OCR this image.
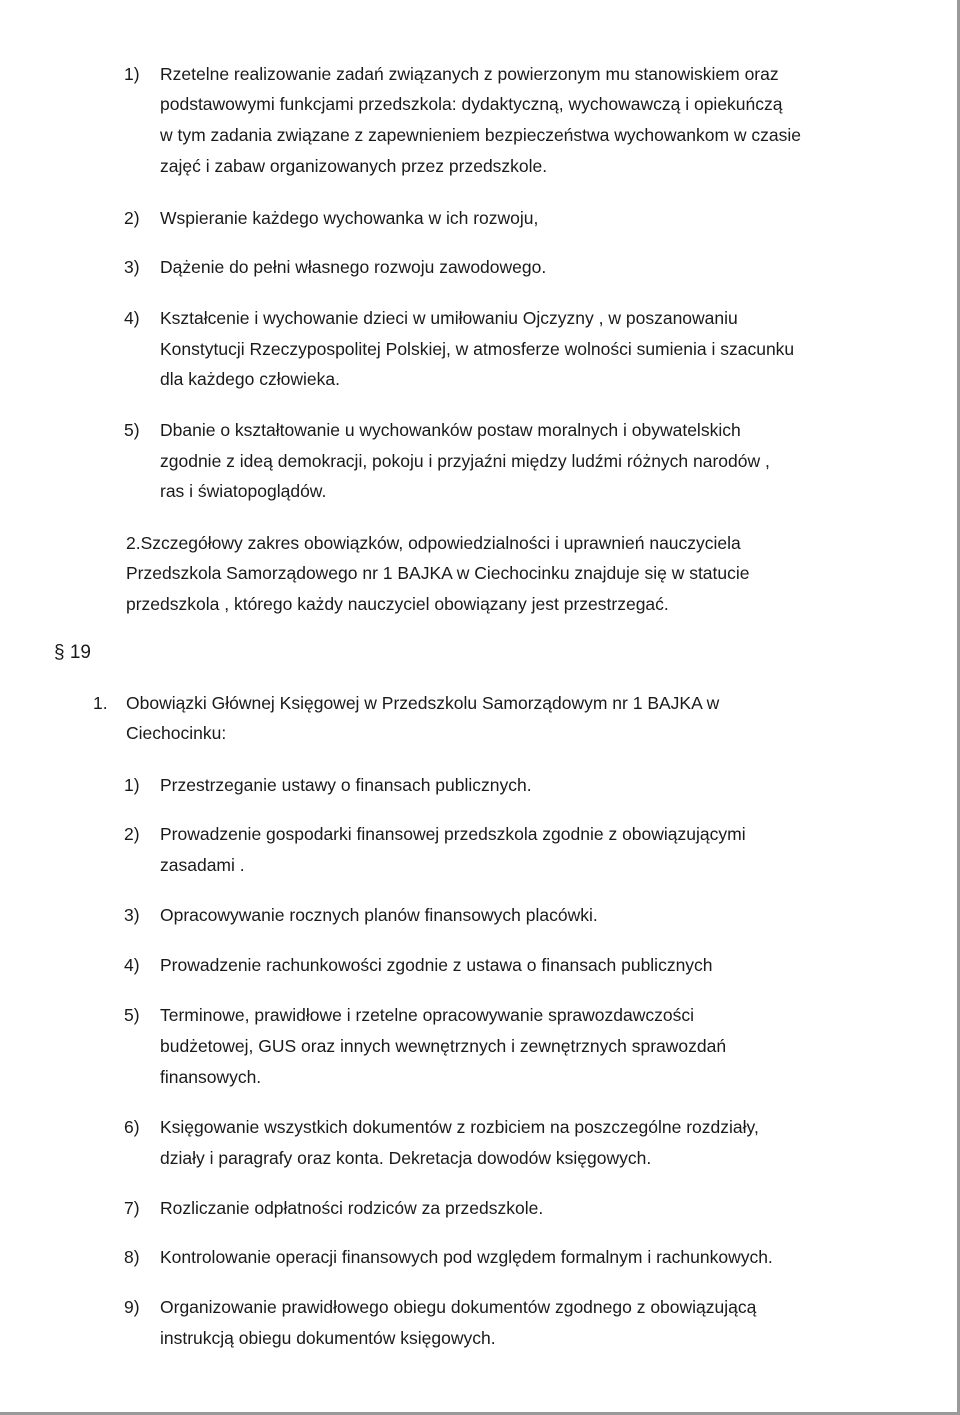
1) Rzetelne realizowanie zadań związanych z powierzonym mu stanowiskiem oraz
podstawowymi funkcjami przedszkola: dydaktyczną, wychowawczą i opiekuńczą
w tym zadania związane z zapewnieniem bezpieczeństwa wychowankom w czasie
zajęć i zabaw organizowanych przez przedszkole.
2) Wspieranie każdego wychowanka w ich rozwoju,
3) Dążenie do pełni własnego rozwoju zawodowego.
4) Kształcenie i wychowanie dzieci w umiłowaniu Ojczyzny , w poszanowaniu
Konstytucji Rzeczypospolitej Polskiej, w atmosferze wolności sumienia i szacunku
dla każdego człowieka.
5) Dbanie o kształtowanie u wychowanków postaw moralnych i obywatelskich
zgodnie z ideą demokracji, pokoju i przyjaźni między ludźmi różnych narodów ,
ras i światopoglądów.
2.Szczegółowy zakres obowiązków, odpowiedzialności i uprawnień nauczyciela
Przedszkola Samorządowego nr 1 BAJKA w Ciechocinku znajduje się w statucie
przedszkola , którego każdy nauczyciel obowiązany jest przestrzegać.
§ 19
1. Obowiązki Głównej Księgowej w Przedszkolu Samorządowym nr 1 BAJKA w
Ciechocinku:
1) Przestrzeganie ustawy o finansach publicznych.
2) Prowadzenie gospodarki finansowej przedszkola zgodnie z obowiązującymi
zasadami .
3) Opracowywanie rocznych planów finansowych placówki.
4) Prowadzenie rachunkowości zgodnie z ustawa o finansach publicznych
5) Terminowe, prawidłowe i rzetelne opracowywanie sprawozdawczości
budżetowej, GUS oraz innych wewnętrznych i zewnętrznych sprawozdań
finansowych.
6) Księgowanie wszystkich dokumentów z rozbiciem na poszczególne rozdziały,
działy i paragrafy oraz konta. Dekretacja dowodów księgowych.
7) Rozliczanie odpłatności rodziców za przedszkole.
8) Kontrolowanie operacji finansowych pod względem formalnym i rachunkowych.
9) Organizowanie prawidłowego obiegu dokumentów zgodnego z obowiązującą
instrukcją obiegu dokumentów księgowych.
